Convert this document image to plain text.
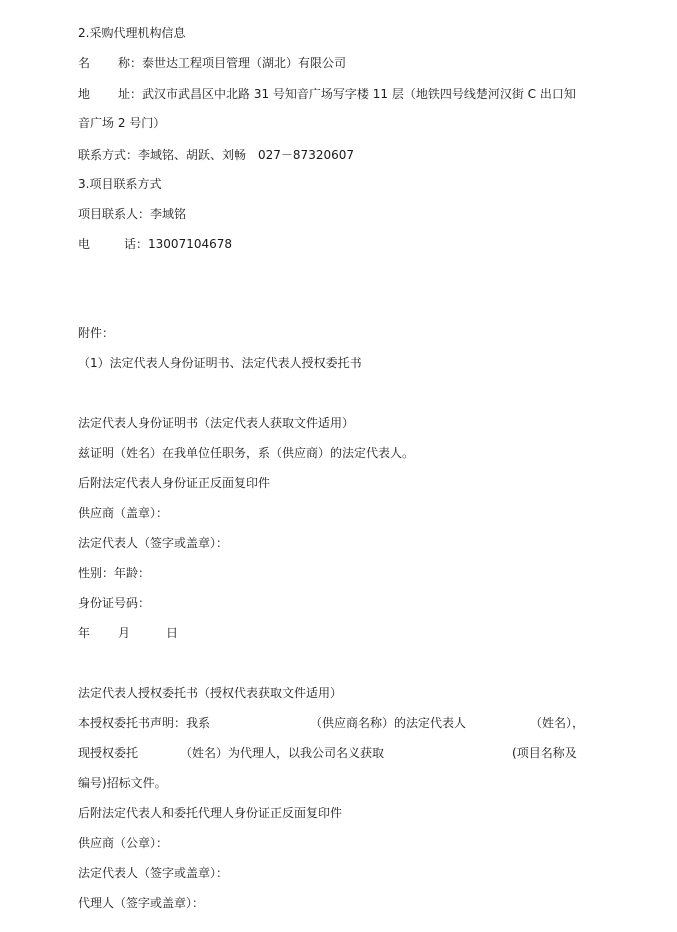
2.采购代理机构信息
名 称：泰世达工程项目管理（湖北）有限公司
地 址：武汉市武昌区中北路 31 号知音广场写字楼 11 层（地铁四号线楚河汉街 C 出口知
音广场 2 号门）
联系方式：李域铭、胡跃、刘畅　027－87320607
3.项目联系方式
项目联系人：李域铭
电	话：13007104678
附件：
（1）法定代表人身份证明书、法定代表人授权委托书
法定代表人身份证明书（法定代表人获取文件适用）
兹证明（姓名）在我单位任职务，系（供应商）的法定代表人。
后附法定代表人身份证正反面复印件
供应商（盖章）：
法定代表人（签字或盖章）：
性别：年龄：
身份证号码：
年 月	日
法定代表人授权委托书（授权代表获取文件适用）
本授权委托书声明：我系	（供应商名称）的法定代表人	（姓名），
现授权委托	（姓名）为代理人，以我公司名义获取	(项目名称及
编号)招标文件。
后附法定代表人和委托代理人身份证正反面复印件
供应商（公章）：
法定代表人（签字或盖章）：
代理人（签字或盖章）：
